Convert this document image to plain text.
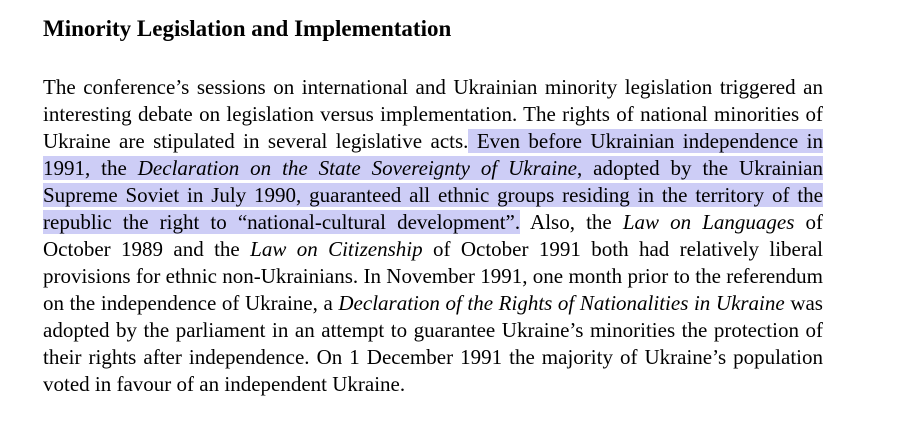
Minority Legislation and Implementation

The conference’s sessions on international and Ukrainian minority legislation triggered an interesting debate on legislation versus implementation. The rights of national minorities of Ukraine are stipulated in several legislative acts. Even before Ukrainian independence in 1991, the Declaration on the State Sovereignty of Ukraine, adopted by the Ukrainian Supreme Soviet in July 1990, guaranteed all ethnic groups residing in the territory of the republic the right to “national-cultural development”. Also, the Law on Languages of October 1989 and the Law on Citizenship of October 1991 both had relatively liberal provisions for ethnic non-Ukrainians. In November 1991, one month prior to the referendum on the independence of Ukraine, a Declaration of the Rights of Nationalities in Ukraine was adopted by the parliament in an attempt to guarantee Ukraine’s minorities the protection of their rights after independence. On 1 December 1991 the majority of Ukraine’s population voted in favour of an independent Ukraine.
